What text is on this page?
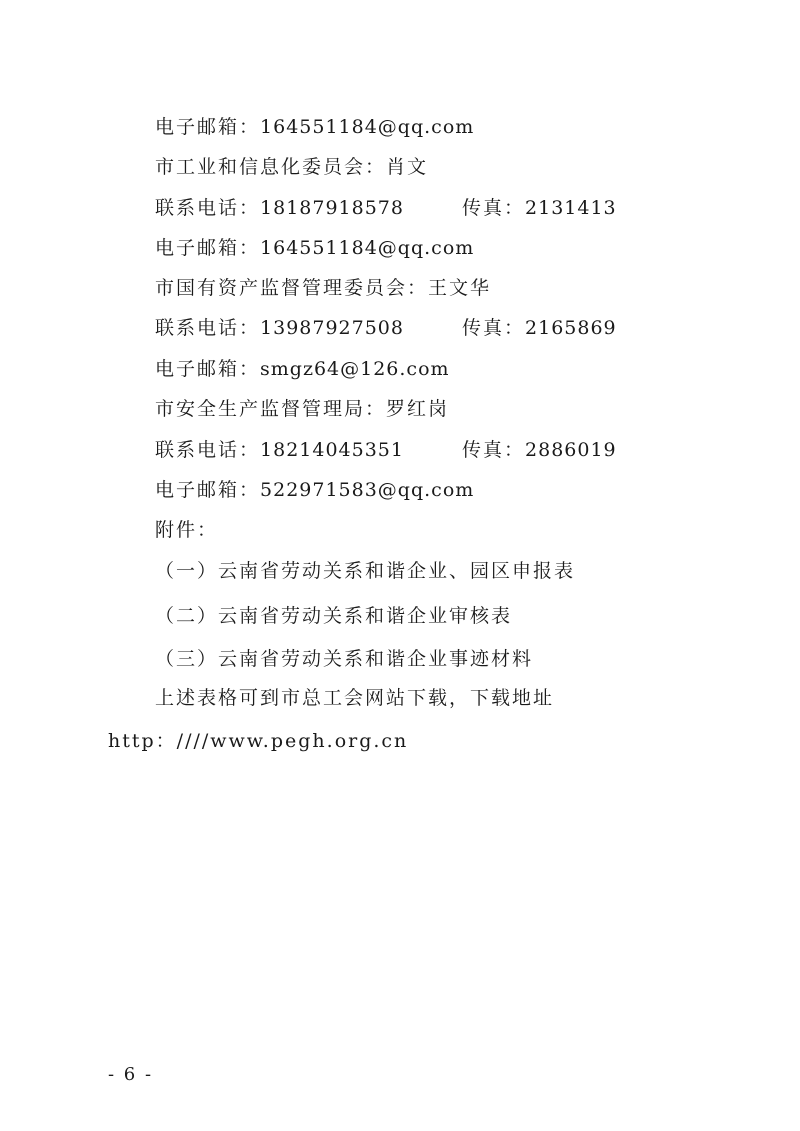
电子邮箱：164551184@qq.com
市工业和信息化委员会：肖文
联系电话：18187918578	传真：2131413
电子邮箱：164551184@qq.com
市国有资产监督管理委员会：王文华
联系电话：13987927508	传真：2165869
电子邮箱：smgz64@126.com
市安全生产监督管理局：罗红岗
联系电话：18214045351	传真：2886019
电子邮箱：522971583@qq.com
附件：
（一）云南省劳动关系和谐企业、园区申报表
（二）云南省劳动关系和谐企业审核表
（三）云南省劳动关系和谐企业事迹材料
上述表格可到市总工会网站下载，下载地址
http：////www.pegh.org.cn
- 6 -
